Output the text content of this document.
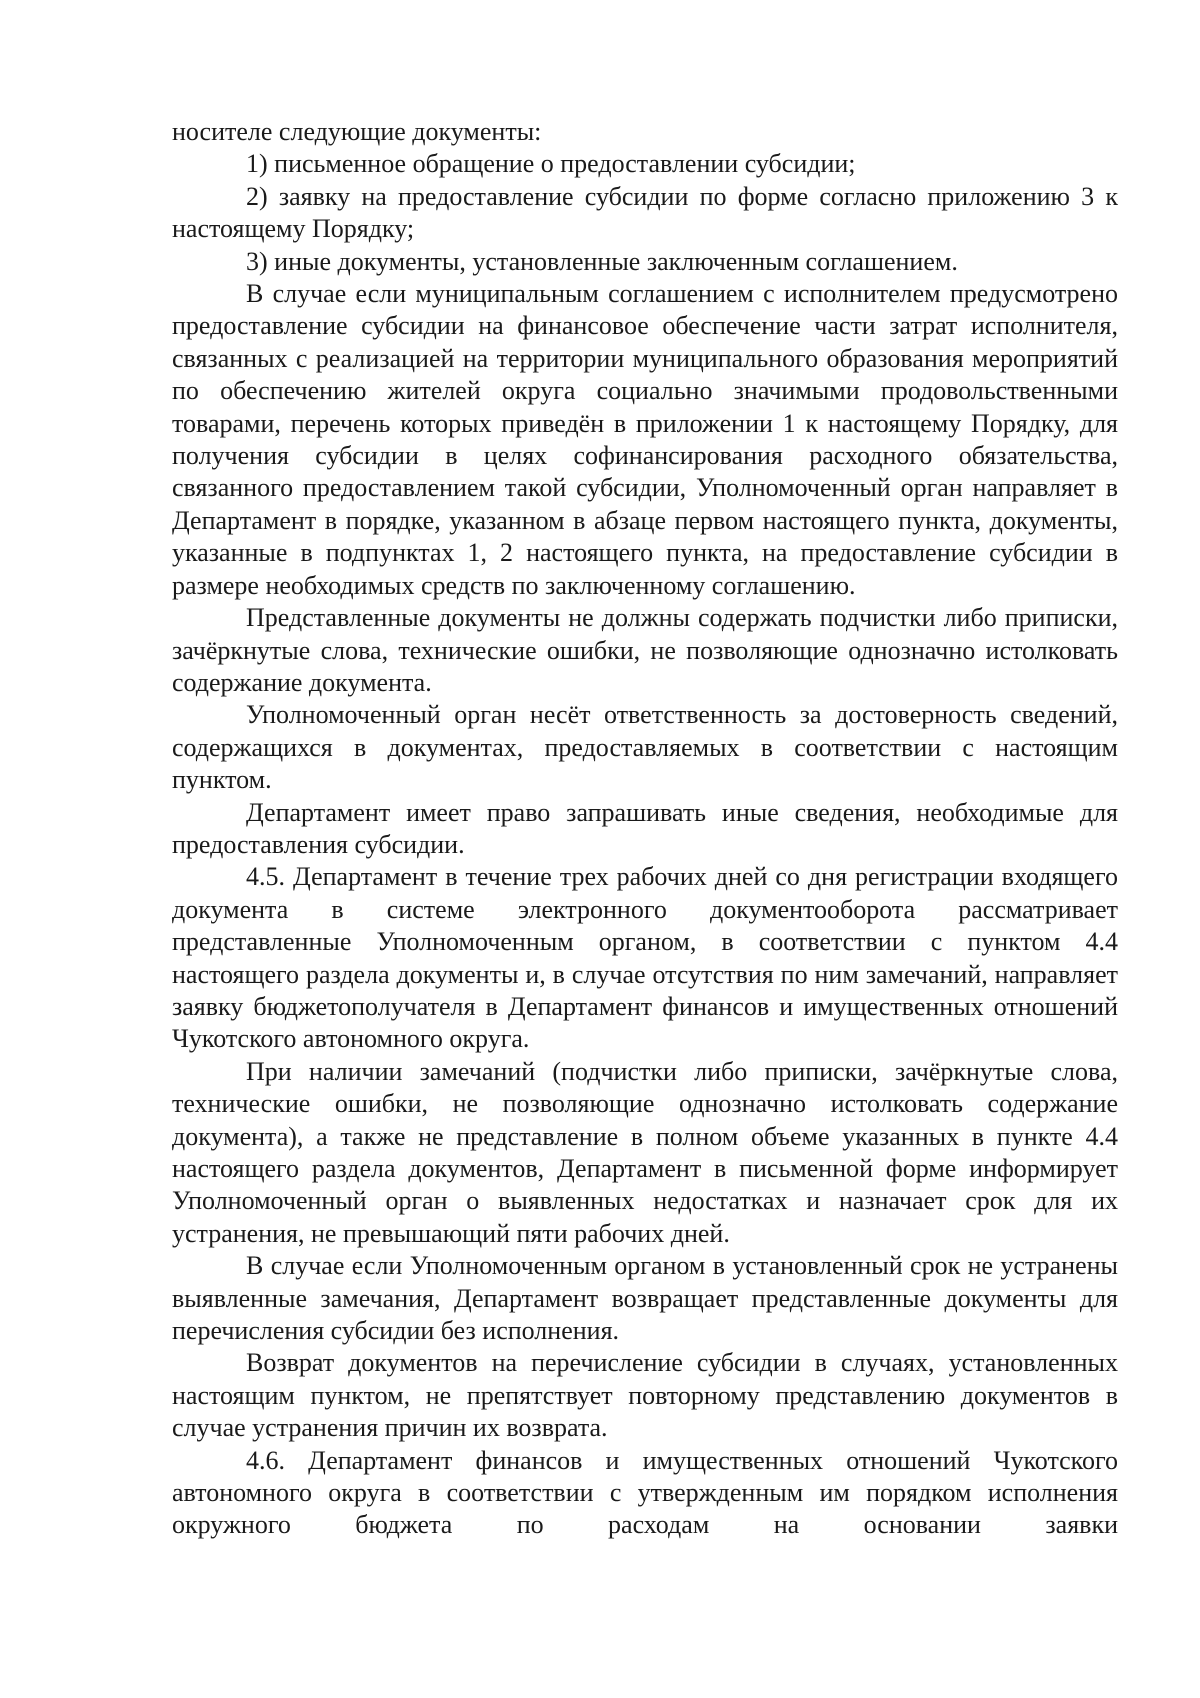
носителе следующие документы:

1) письменное обращение о предоставлении субсидии;

2) заявку на предоставление субсидии по форме согласно приложению 3 к настоящему Порядку;

3) иные документы, установленные заключенным соглашением.

В случае если муниципальным соглашением с исполнителем предусмотрено предоставление субсидии на финансовое обеспечение части затрат исполнителя, связанных с реализацией на территории муниципального образования мероприятий по обеспечению жителей округа социально значимыми продовольственными товарами, перечень которых приведён в приложении 1 к настоящему Порядку, для получения субсидии в целях софинансирования расходного обязательства, связанного предоставлением такой субсидии, Уполномоченный орган направляет в Департамент в порядке, указанном в абзаце первом настоящего пункта, документы, указанные в подпунктах 1, 2 настоящего пункта, на предоставление субсидии в размере необходимых средств по заключенному соглашению.

Представленные документы не должны содержать подчистки либо приписки, зачёркнутые слова, технические ошибки, не позволяющие однозначно истолковать содержание документа.

Уполномоченный орган несёт ответственность за достоверность сведений, содержащихся в документах, предоставляемых в соответствии с настоящим пунктом.

Департамент имеет право запрашивать иные сведения, необходимые для предоставления субсидии.

4.5. Департамент в течение трех рабочих дней со дня регистрации входящего документа в системе электронного документооборота рассматривает представленные Уполномоченным органом, в соответствии с пунктом 4.4 настоящего раздела документы и, в случае отсутствия по ним замечаний, направляет заявку бюджетополучателя в Департамент финансов и имущественных отношений Чукотского автономного округа.

При наличии замечаний (подчистки либо приписки, зачёркнутые слова, технические ошибки, не позволяющие однозначно истолковать содержание документа), а также не представление в полном объеме указанных в пункте 4.4 настоящего раздела документов, Департамент в письменной форме информирует Уполномоченный орган о выявленных недостатках и назначает срок для их устранения, не превышающий пяти рабочих дней.

В случае если Уполномоченным органом в установленный срок не устранены выявленные замечания, Департамент возвращает представленные документы для перечисления субсидии без исполнения.

Возврат документов на перечисление субсидии в случаях, установленных настоящим пунктом, не препятствует повторному представлению документов в случае устранения причин их возврата.

4.6. Департамент финансов и имущественных отношений Чукотского автономного округа в соответствии с утвержденным им порядком исполнения окружного бюджета по расходам на основании заявки
